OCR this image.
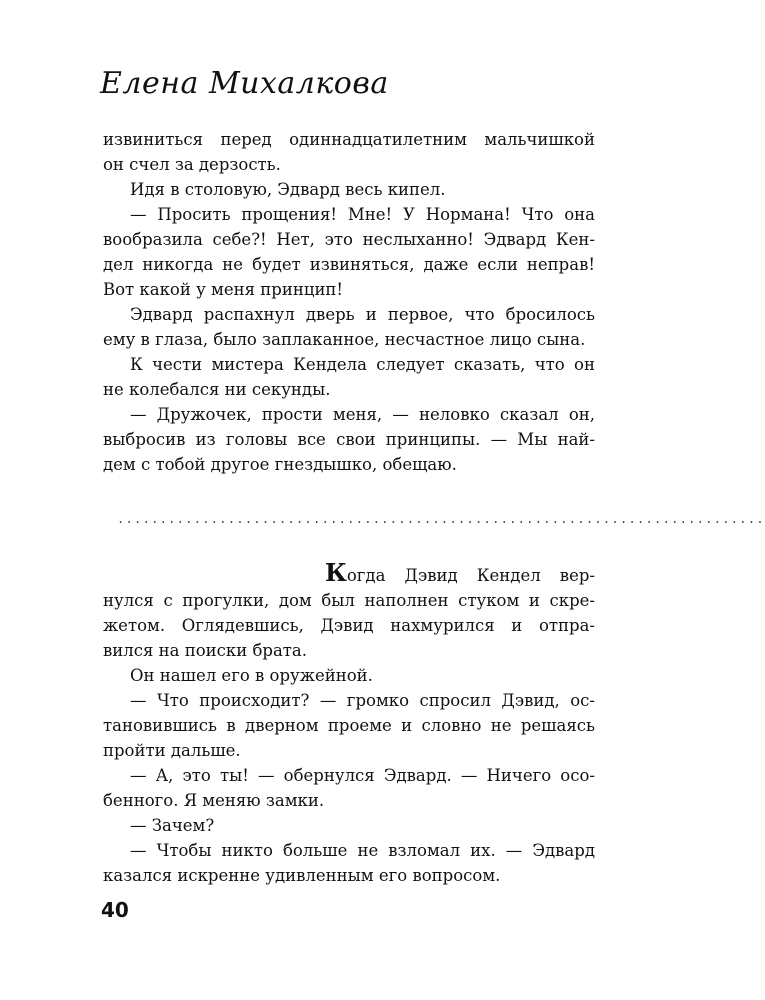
Елена Михалкова

извиниться перед одиннадцатилетним мальчишкой

он счел за дерзость.

Идя в столовую, Эдвард весь кипел.

— Просить прощения! Мне! У Нормана! Что она

вообразила себе?! Нет, это неслыханно! Эдвард Кен-

дел никогда не будет извиняться, даже если неправ!

Вот какой у меня принцип!

Эдвард распахнул дверь и первое, что бросилось

ему в глаза, было заплаканное, несчастное лицо сына.

К чести мистера Кендела следует сказать, что он

не колебался ни секунды.

— Дружочек, прости меня, — неловко сказал он,

выбросив из головы все свои принципы. — Мы най-

дем с тобой другое гнездышко, обещаю.

............................................................................

Когда Дэвид Кендел вер-

нулся с прогулки, дом был наполнен стуком и скре-

жетом. Оглядевшись, Дэвид нахмурился и отпра-

вился на поиски брата.

Он нашел его в оружейной.

— Что происходит? — громко спросил Дэвид, ос-

тановившись в дверном проеме и словно не решаясь

пройти дальше.

— А, это ты! — обернулся Эдвард. — Ничего осо-

бенного. Я меняю замки.

— Зачем?

— Чтобы никто больше не взломал их. — Эдвард

казался искренне удивленным его вопросом.

40
